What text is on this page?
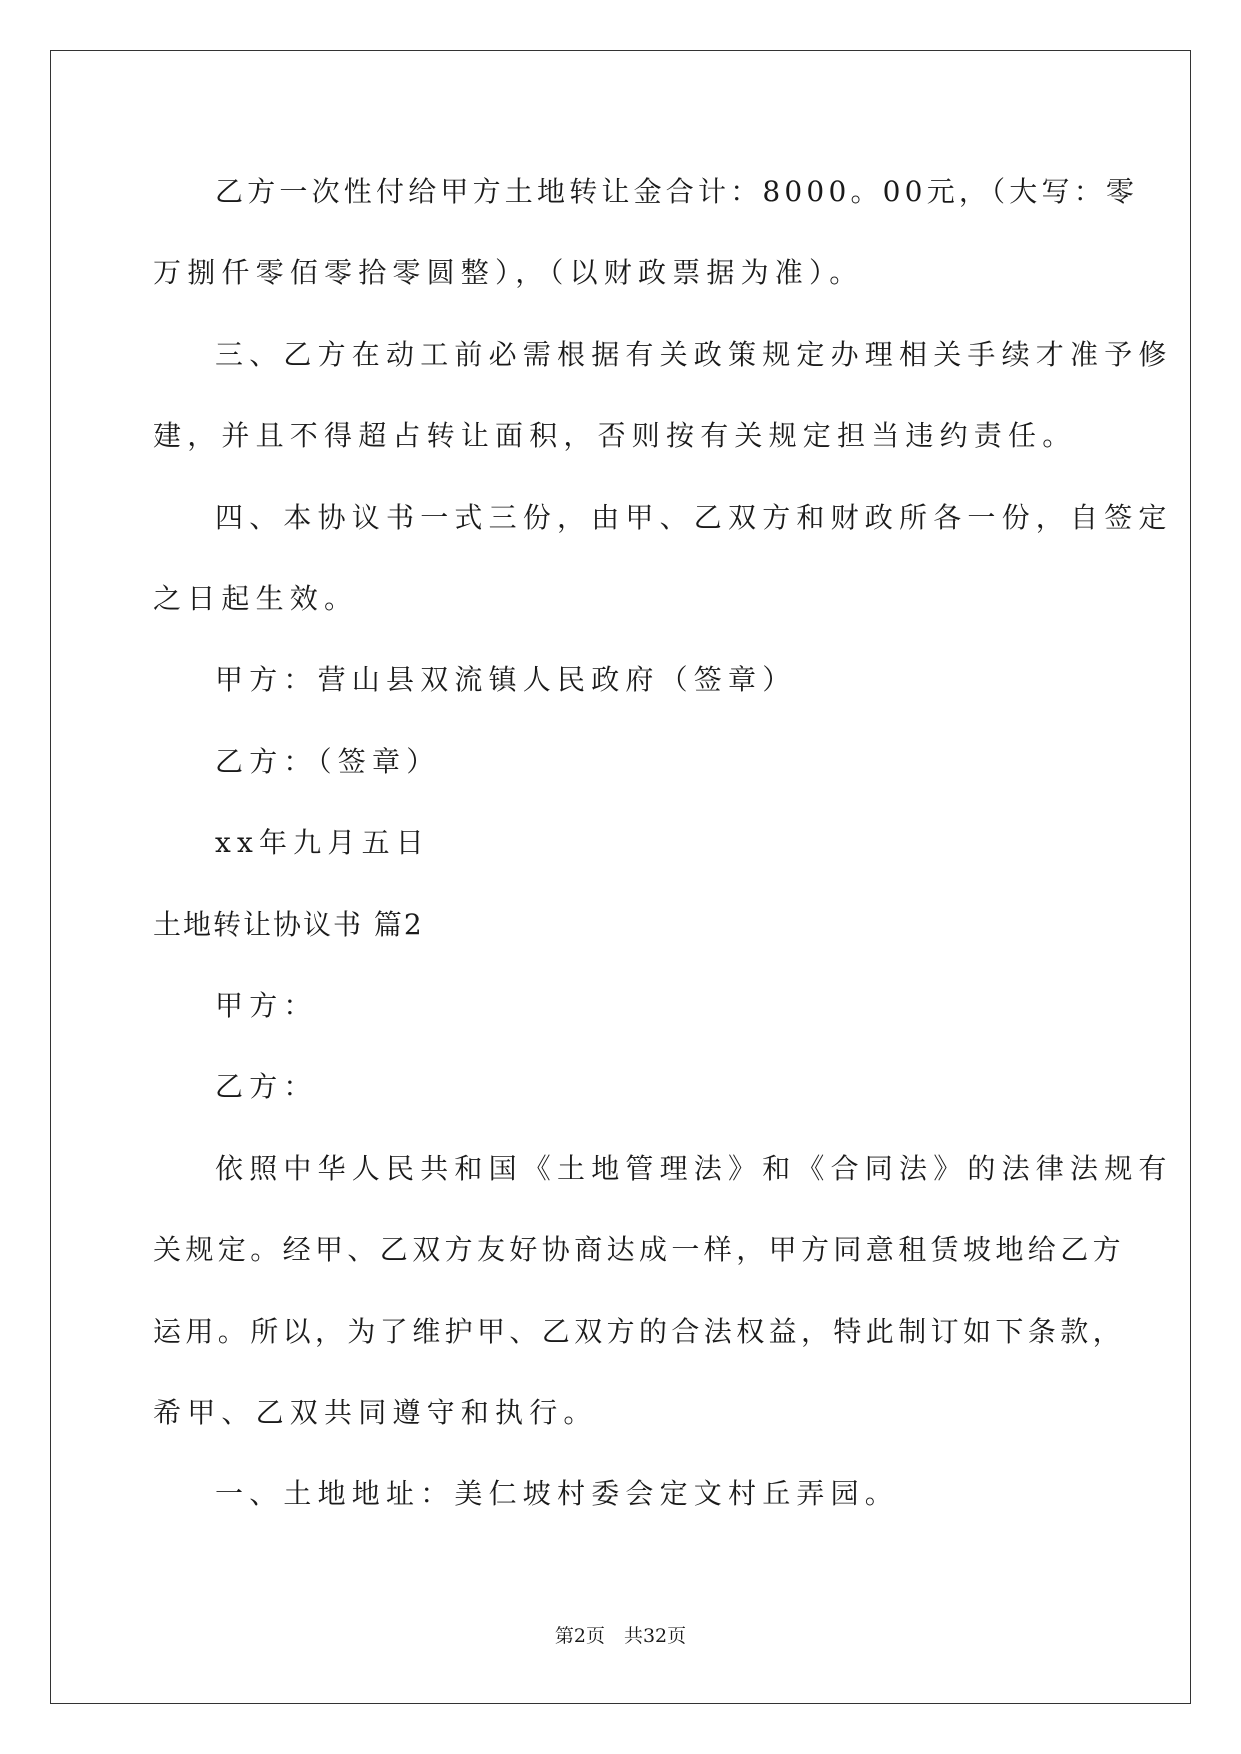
乙方一次性付给甲方土地转让金合计：8000。00元，（大写：零
万捌仟零佰零拾零圆整），（以财政票据为准）。
三、乙方在动工前必需根据有关政策规定办理相关手续才准予修
建，并且不得超占转让面积，否则按有关规定担当违约责任。
四、本协议书一式三份，由甲、乙双方和财政所各一份，自签定
之日起生效。
甲方：营山县双流镇人民政府（签章）
乙方：（签章）
xx年九月五日
土地转让协议书 篇2
甲方：
乙方：
依照中华人民共和国《土地管理法》和《合同法》的法律法规有
关规定。经甲、乙双方友好协商达成一样，甲方同意租赁坡地给乙方
运用。所以，为了维护甲、乙双方的合法权益，特此制订如下条款，
希甲、乙双共同遵守和执行。
一、土地地址：美仁坡村委会定文村丘弄园。
第2页　共32页
